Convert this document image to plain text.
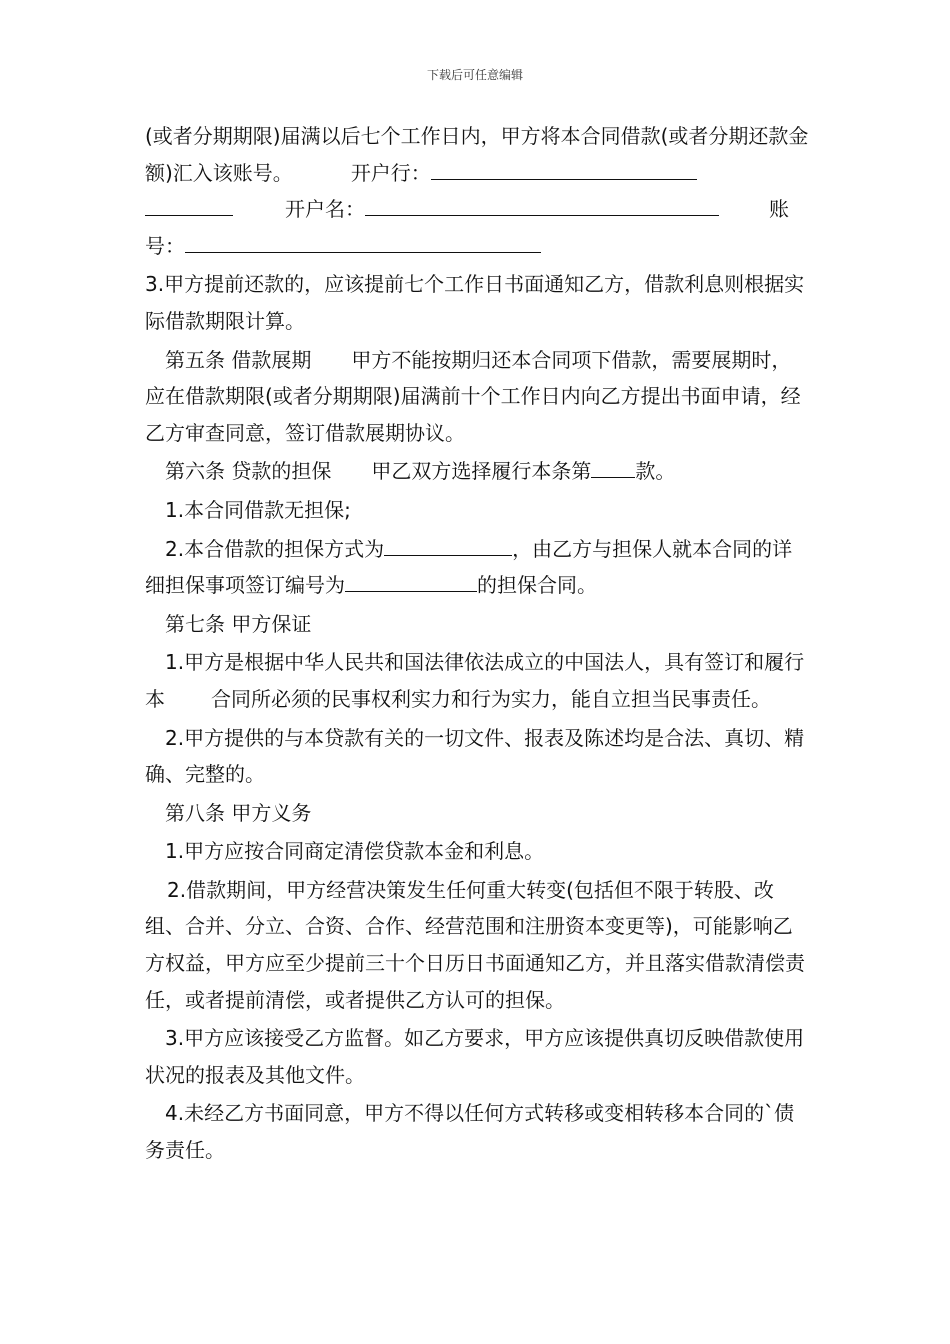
下载后可任意编辑
(或者分期期限)届满以后七个工作日内，甲方将本合同借款(或者分期还款金额)汇入该账号。	开户行：
开户名：	账
号：
3.甲方提前还款的，应该提前七个工作日书面通知乙方，借款利息则根据实际借款期限计算。
第五条 借款展期 甲方不能按期归还本合同项下借款，需要展期时，应在借款期限(或者分期期限)届满前十个工作日内向乙方提出书面申请，经乙方审查同意，签订借款展期协议。
第六条 贷款的担保 甲乙双方选择履行本条第 款。
1.本合同借款无担保;
2.本合借款的担保方式为	，由乙方与担保人就本合同的详细担保事项签订编号为	的担保合同。
第七条 甲方保证
1.甲方是根据中华人民共和国法律依法成立的中国法人，具有签订和履行本 合同所必须的民事权利实力和行为实力，能自立担当民事责任。
2.甲方提供的与本贷款有关的一切文件、报表及陈述均是合法、真切、精确、完整的。
第八条 甲方义务
1.甲方应按合同商定清偿贷款本金和利息。
2.借款期间，甲方经营决策发生任何重大转变(包括但不限于转股、改组、合并、分立、合资、合作、经营范围和注册资本变更等)，可能影响乙方权益，甲方应至少提前三十个日历日书面通知乙方，并且落实借款清偿责任，或者提前清偿，或者提供乙方认可的担保。
3.甲方应该接受乙方监督。如乙方要求，甲方应该提供真切反映借款使用状况的报表及其他文件。
4.未经乙方书面同意，甲方不得以任何方式转移或变相转移本合同的`债务责任。
